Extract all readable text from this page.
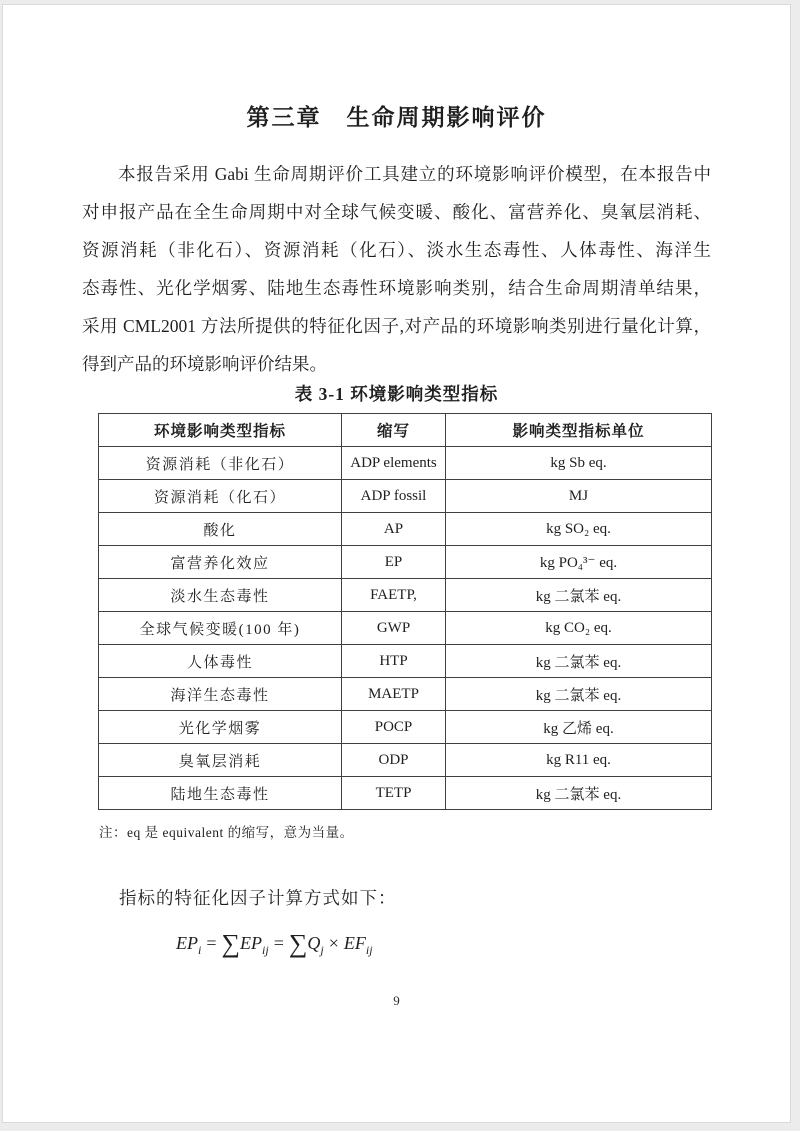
第三章　生命周期影响评价
本报告采用 Gabi 生命周期评价工具建立的环境影响评价模型，在本报告中
对申报产品在全生命周期中对全球气候变暖、酸化、富营养化、臭氧层消耗、
资源消耗（非化石）、资源消耗（化石）、淡水生态毒性、人体毒性、海洋生
态毒性、光化学烟雾、陆地生态毒性环境影响类别，结合生命周期清单结果，
采用 CML2001 方法所提供的特征化因子,对产品的环境影响类别进行量化计算，
得到产品的环境影响评价结果。
表 3-1 环境影响类型指标
环境影响类型指标	缩写	影响类型指标单位
资源消耗（非化石）	ADP elements	kg Sb eq.
资源消耗（化石）	ADP fossil	MJ
酸化	AP	kg SO₂ eq.
富营养化效应	EP	kg PO₄³⁻ eq.
淡水生态毒性	FAETP,	kg 二氯苯 eq.
全球气候变暖(100 年)	GWP	kg CO₂ eq.
人体毒性	HTP	kg 二氯苯 eq.
海洋生态毒性	MAETP	kg 二氯苯 eq.
光化学烟雾	POCP	kg 乙烯 eq.
臭氧层消耗	ODP	kg R11 eq.
陆地生态毒性	TETP	kg 二氯苯 eq.
注：eq 是 equivalent 的缩写，意为当量。
指标的特征化因子计算方式如下：
$EP_i = \sum EP_{ij} = \sum Q_j \times EF_{ij}$
9
